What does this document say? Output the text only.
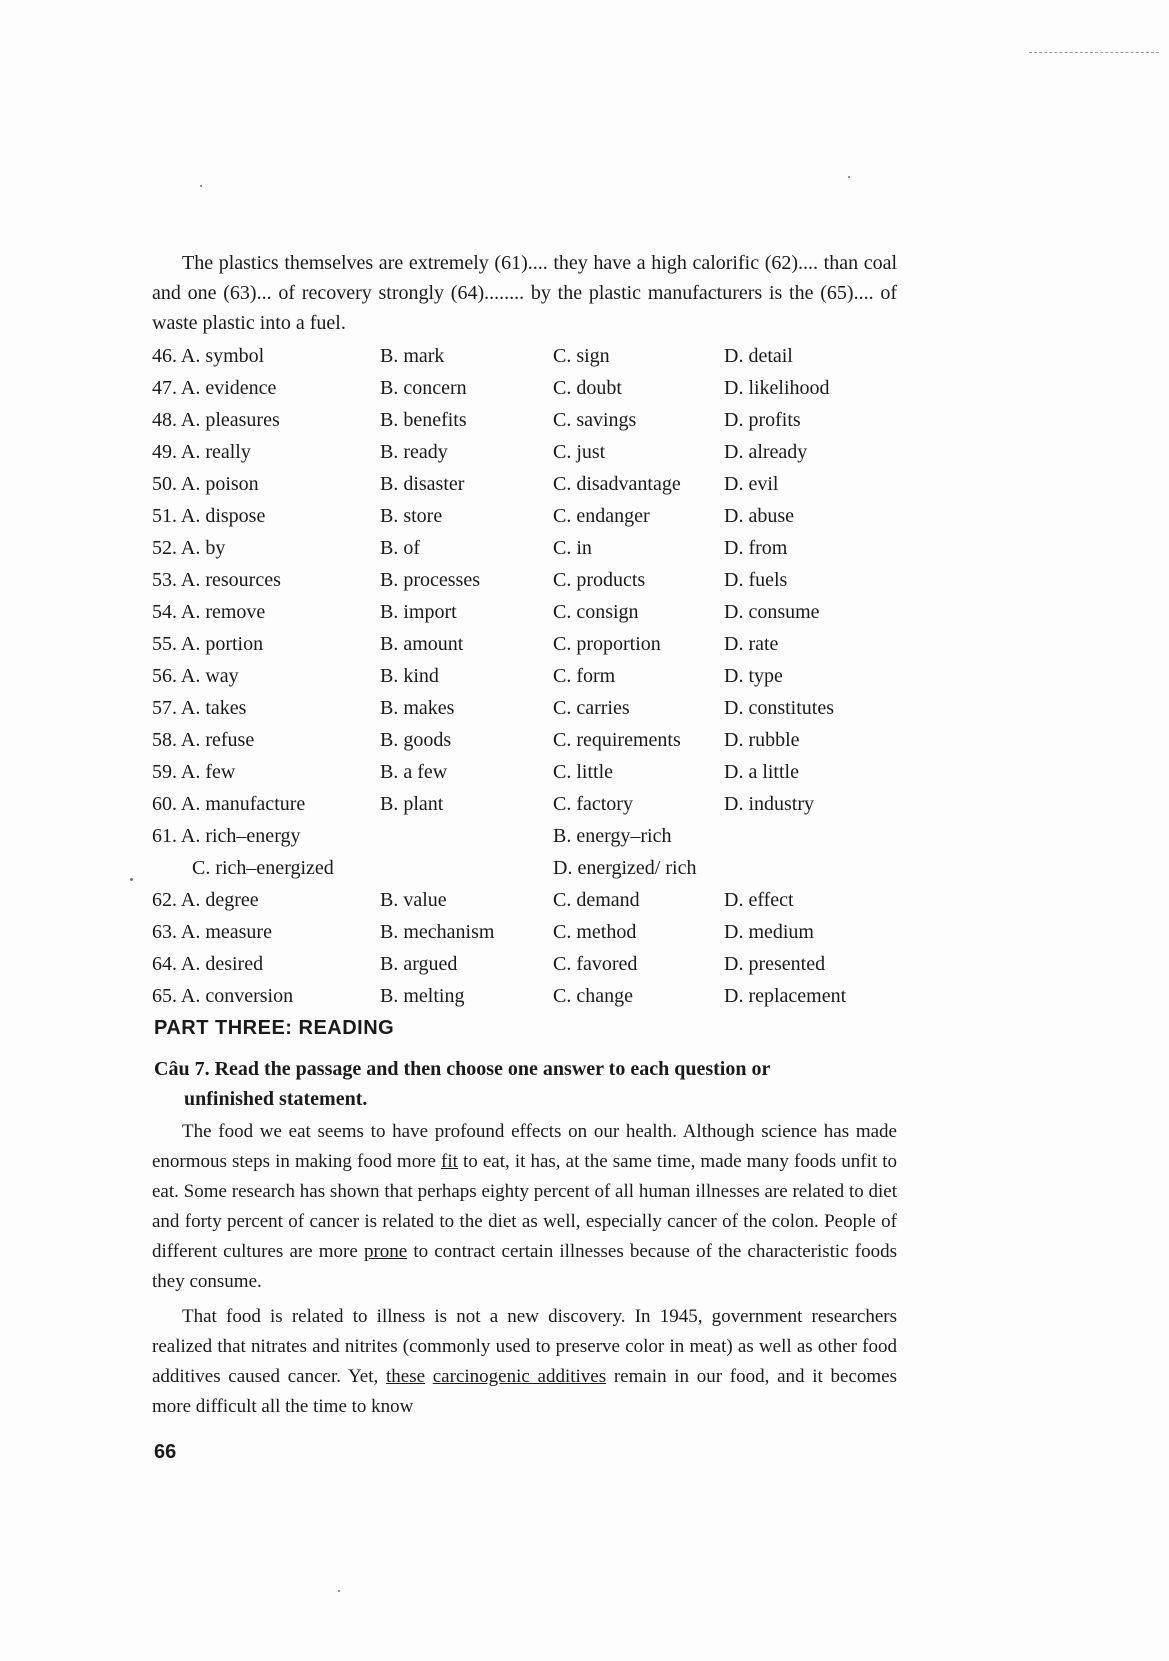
The plastics themselves are extremely (61).... they have a high calorific (62).... than coal and one (63)... of recovery strongly (64)........ by the plastic manufacturers is the (65).... of waste plastic into a fuel.

46. A. symbol	B. mark	C. sign	D. detail
47. A. evidence	B. concern	C. doubt	D. likelihood
48. A. pleasures	B. benefits	C. savings	D. profits
49. A. really	B. ready	C. just	D. already
50. A. poison	B. disaster	C. disadvantage D. evil
51. A. dispose	B. store	C. endanger	D. abuse
52. A. by	B. of	C. in	D. from
53. A. resources	B. processes	C. products	D. fuels
54. A. remove	B. import	C. consign	D. consume
55. A. portion	B. amount	C. proportion	D. rate
56. A. way	B. kind	C. form	D. type
57. A. takes	B. makes	C. carries	D. constitutes
58. A. refuse	B. goods	C. requirements D. rubble
59. A. few	B. a few	C. little	D. a little
60. A. manufacture	B. plant	C. factory	D. industry
61. A. rich–energy	B. energy–rich
C. rich–energized	D. energized/ rich
62. A. degree	B. value	C. demand	D. effect
63. A. measure	B. mechanism	C. method	D. medium
64. A. desired	B. argued	C. favored	D. presented
65. A. conversion	B. melting	C. change	D. replacement
PART THREE: READING

Câu 7. Read the passage and then choose one answer to each question or
unfinished statement.

The food we eat seems to have profound effects on our health. Although science has made enormous steps in making food more fit to eat, it has, at the same time, made many foods unfit to eat. Some research has shown that perhaps eighty percent of all human illnesses are related to diet and forty percent of cancer is related to the diet as well, especially cancer of the colon. People of different cultures are more prone to contract certain illnesses because of the characteristic foods they consume.

That food is related to illness is not a new discovery. In 1945, government researchers realized that nitrates and nitrites (commonly used to preserve color in meat) as well as other food additives caused cancer. Yet, these carcinogenic additives remain in our food, and it becomes more difficult all the time to know

66
